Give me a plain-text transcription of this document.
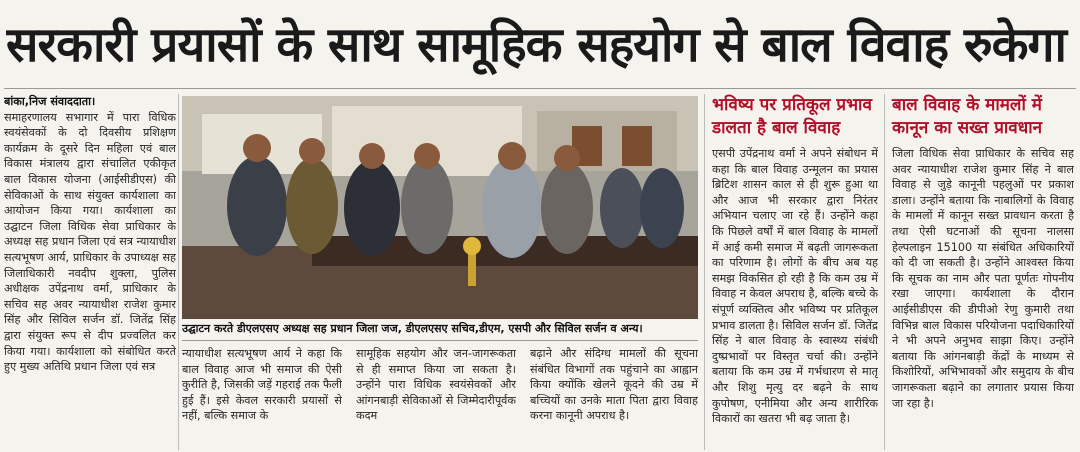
सरकारी प्रयासों के साथ सामूहिक सहयोग से बाल विवाह रुकेगा
बांका,निज संवाददाता।
समाहरणालय सभागार में पारा विधिक स्वयंसेवकों के दो दिवसीय प्रशिक्षण कार्यक्रम के दूसरे दिन महिला एवं बाल विकास मंत्रालय द्वारा संचालित एकीकृत बाल विकास योजना (आईसीडीएस) की सेविकाओं के साथ संयुक्त कार्यशाला का आयोजन किया गया। कार्यशाला का उद्घाटन जिला विधिक सेवा प्राधिकार के अध्यक्ष सह प्रधान जिला एवं सत्र न्यायाधीश सत्यभूषण आर्य, प्राधिकार के उपाध्यक्ष सह जिलाधिकारी नवदीप शुक्ला, पुलिस अधीक्षक उपेंद्रनाथ वर्मा, प्राधिकार के सचिव सह अवर न्यायाधीश राजेश कुमार सिंह और सिविल सर्जन डॉ. जितेंद्र सिंह द्वारा संयुक्त रूप से दीप प्रज्वलित कर किया गया। कार्यशाला को संबोधित करते हुए मुख्य अतिथि प्रधान जिला एवं सत्र
उद्घाटन करते डीएलएसए अध्यक्ष सह प्रधान जिला जज, डीएलएसए सचिव,डीएम, एसपी और सिविल सर्जन व अन्य।
न्यायाधीश सत्यभूषण आर्य ने कहा कि बाल विवाह आज भी समाज की ऐसी कुरीति है, जिसकी जड़ें गहराई तक फैली हुई हैं। इसे केवल सरकारी प्रयासों से नहीं, बल्कि समाज के
सामूहिक सहयोग और जन-जागरूकता से ही समाप्त किया जा सकता है। उन्होंने पारा विधिक स्वयंसेवकों और आंगनबाड़ी सेविकाओं से जिम्मेदारीपूर्वक कदम
बढ़ाने और संदिग्ध मामलों की सूचना संबंधित विभागों तक पहुंचाने का आह्वान किया क्योंकि खेलने कूदने की उम्र में बच्चियों का उनके माता पिता द्वारा विवाह करना कानूनी अपराध है।
भविष्य पर प्रतिकूल प्रभाव डालता है बाल विवाह
एसपी उपेंद्रनाथ वर्मा ने अपने संबोधन में कहा कि बाल विवाह उन्मूलन का प्रयास ब्रिटिश शासन काल से ही शुरू हुआ था और आज भी सरकार द्वारा निरंतर अभियान चलाए जा रहे हैं। उन्होंने कहा कि पिछले वर्षों में बाल विवाह के मामलों में आई कमी समाज में बढ़ती जागरूकता का परिणाम है। लोगों के बीच अब यह समझ विकसित हो रही है कि कम उम्र में विवाह न केवल अपराध है, बल्कि बच्चे के संपूर्ण व्यक्तित्व और भविष्य पर प्रतिकूल प्रभाव डालता है। सिविल सर्जन डॉ. जितेंद्र सिंह ने बाल विवाह के स्वास्थ्य संबंधी दुष्प्रभावों पर विस्तृत चर्चा की। उन्होंने बताया कि कम उम्र में गर्भधारण से मातृ और शिशु मृत्यु दर बढ़ने के साथ कुपोषण, एनीमिया और अन्य शारीरिक विकारों का खतरा भी बढ़ जाता है।
बाल विवाह के मामलों में कानून का सख्त प्रावधान
जिला विधिक सेवा प्राधिकार के सचिव सह अवर न्यायाधीश राजेश कुमार सिंह ने बाल विवाह से जुड़े कानूनी पहलुओं पर प्रकाश डाला। उन्होंने बताया कि नाबालिगों के विवाह के मामलों में कानून सख्त प्रावधान करता है तथा ऐसी घटनाओं की सूचना नालसा हेल्पलाइन 15100 या संबंधित अधिकारियों को दी जा सकती है। उन्होंने आश्वस्त किया कि सूचक का नाम और पता पूर्णतः गोपनीय रखा जाएगा। कार्यशाला के दौरान आईसीडीएस की डीपीओ रेणु कुमारी तथा विभिन्न बाल विकास परियोजना पदाधिकारियों ने भी अपने अनुभव साझा किए। उन्होंने बताया कि आंगनबाड़ी केंद्रों के माध्यम से किशोरियों, अभिभावकों और समुदाय के बीच जागरूकता बढ़ाने का लगातार प्रयास किया जा रहा है।
